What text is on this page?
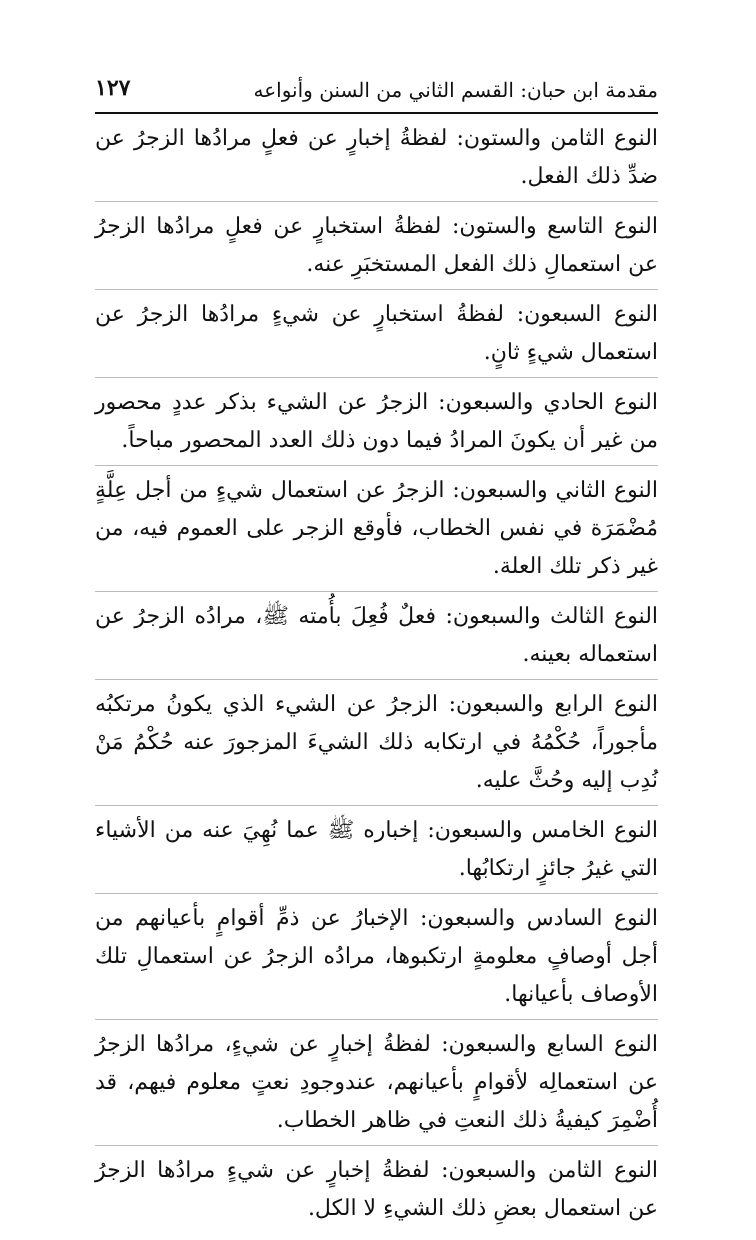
مقدمة ابن حبان: القسم الثاني من السنن وأنواعه
١٢٧

النوع الثامن والستون: لفظةُ إخبارٍ عن فعلٍ مرادُها الزجرُ عن ضدِّ ذلك الفعل.

النوع التاسع والستون: لفظةُ استخبارٍ عن فعلٍ مرادُها الزجرُ عن استعمالِ ذلك الفعل المستخبَرِ عنه.

النوع السبعون: لفظةُ استخبارٍ عن شيءٍ مرادُها الزجرُ عن استعمال شيءٍ ثانٍ.

النوع الحادي والسبعون: الزجرُ عن الشيء بذكر عددٍ محصور من غير أن يكونَ المرادُ فيما دون ذلك العدد المحصور مباحاً.

النوع الثاني والسبعون: الزجرُ عن استعمال شيءٍ من أجل عِلَّةٍ مُضْمَرَة في نفس الخطاب، فأوقع الزجر على العموم فيه، من غير ذكر تلك العلة.

النوع الثالث والسبعون: فعلٌ فُعِلَ بأُمته ﷺ، مرادُه الزجرُ عن استعماله بعينه.

النوع الرابع والسبعون: الزجرُ عن الشيء الذي يكونُ مرتكبُه مأجوراً، حُكْمُهُ في ارتكابه ذلك الشيءَ المزجورَ عنه حُكْمُ مَنْ نُدِب إليه وحُثَّ عليه.

النوع الخامس والسبعون: إخباره ﷺ عما نُهِيَ عنه من الأشياء التي غيرُ جائزٍ ارتكابُها.

النوع السادس والسبعون: الإخبارُ عن ذمِّ أقوامٍ بأعيانهم من أجل أوصافٍ معلومةٍ ارتكبوها، مرادُه الزجرُ عن استعمالِ تلك الأوصاف بأعيانها.

النوع السابع والسبعون: لفظةُ إخبارٍ عن شيءٍ، مرادُها الزجرُ عن استعمالِه لأقوامٍ بأعيانهم، عندوجودِ نعتٍ معلوم فيهم، قد أُضْمِرَ كيفيةُ ذلك النعتِ في ظاهر الخطاب.

النوع الثامن والسبعون: لفظةُ إخبارٍ عن شيءٍ مرادُها الزجرُ عن استعمال بعضِ ذلك الشيءِ لا الكل.
